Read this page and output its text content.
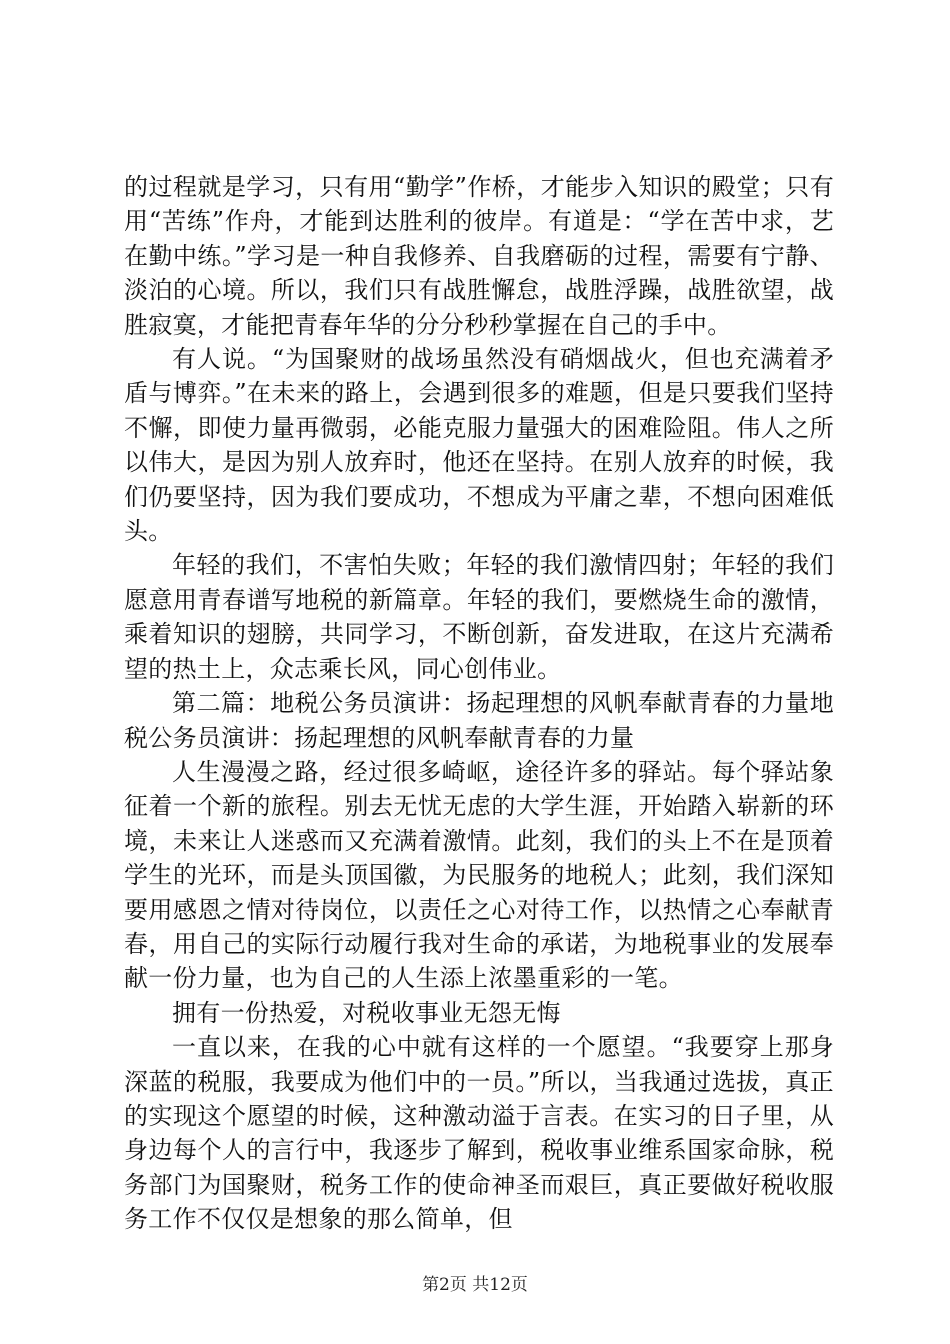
的过程就是学习，只有用“勤学”作桥，才能步入知识的殿堂；只有用“苦练”作舟，才能到达胜利的彼岸。有道是：“学在苦中求，艺在勤中练。”学习是一种自我修养、自我磨砺的过程，需要有宁静、淡泊的心境。所以，我们只有战胜懈怠，战胜浮躁，战胜欲望，战胜寂寞，才能把青春年华的分分秒秒掌握在自己的手中。

有人说。“为国聚财的战场虽然没有硝烟战火，但也充满着矛盾与博弈。”在未来的路上，会遇到很多的难题，但是只要我们坚持不懈，即使力量再微弱，必能克服力量强大的困难险阻。伟人之所以伟大，是因为别人放弃时，他还在坚持。在别人放弃的时候，我们仍要坚持，因为我们要成功，不想成为平庸之辈，不想向困难低头。

年轻的我们，不害怕失败；年轻的我们激情四射；年轻的我们愿意用青春谱写地税的新篇章。年轻的我们，要燃烧生命的激情，乘着知识的翅膀，共同学习，不断创新，奋发进取，在这片充满希望的热土上，众志乘长风，同心创伟业。

第二篇：地税公务员演讲：扬起理想的风帆奉献青春的力量地税公务员演讲：扬起理想的风帆奉献青春的力量

人生漫漫之路，经过很多崎岖，途径许多的驿站。每个驿站象征着一个新的旅程。别去无忧无虑的大学生涯，开始踏入崭新的环境，未来让人迷惑而又充满着激情。此刻，我们的头上不在是顶着学生的光环，而是头顶国徽，为民服务的地税人；此刻，我们深知要用感恩之情对待岗位，以责任之心对待工作，以热情之心奉献青春，用自己的实际行动履行我对生命的承诺，为地税事业的发展奉献一份力量，也为自己的人生添上浓墨重彩的一笔。

拥有一份热爱，对税收事业无怨无悔

一直以来，在我的心中就有这样的一个愿望。“我要穿上那身深蓝的税服，我要成为他们中的一员。”所以，当我通过选拔，真正的实现这个愿望的时候，这种激动溢于言表。在实习的日子里，从身边每个人的言行中，我逐步了解到，税收事业维系国家命脉，税务部门为国聚财，税务工作的使命神圣而艰巨，真正要做好税收服务工作不仅仅是想象的那么简单，但

第2页 共12页
